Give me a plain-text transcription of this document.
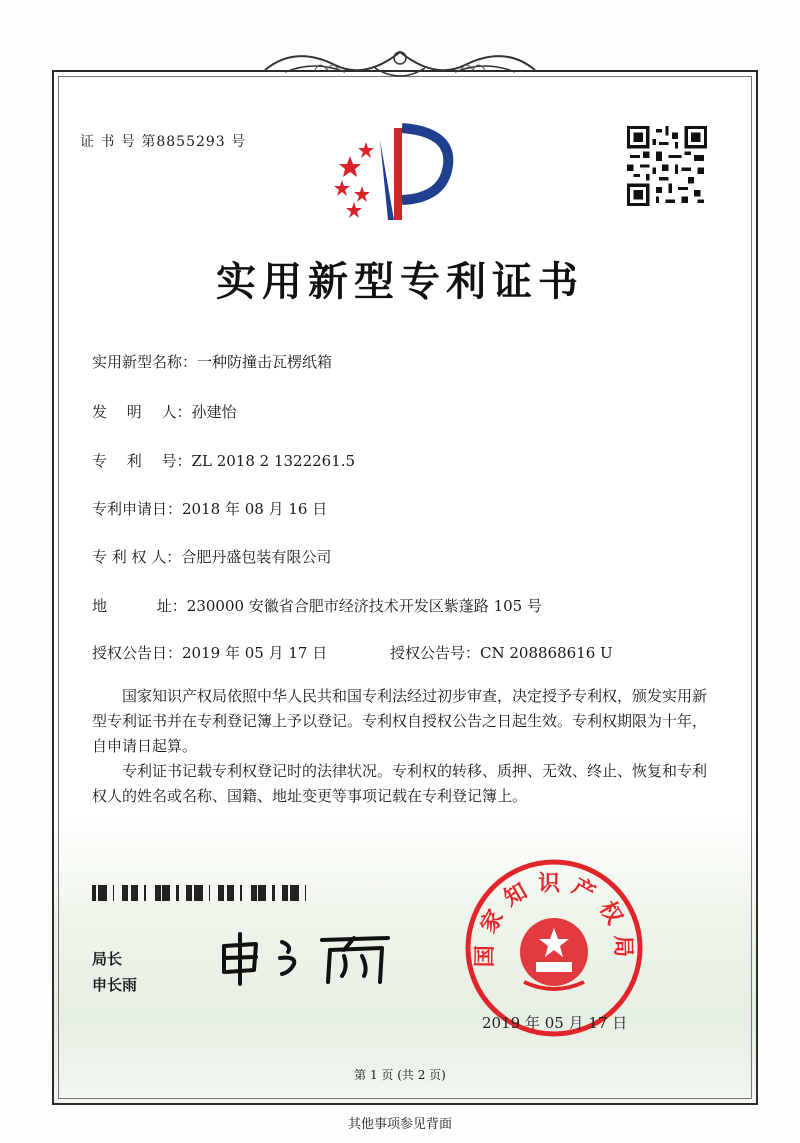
证 书 号 第8855293 号
实用新型专利证书
实用新型名称：一种防撞击瓦楞纸箱
发　 明　 人：孙建怡
专　 利　 号：ZL 2018 2 1322261.5
专利申请日：2018 年 08 月 16 日
专 利 权 人：合肥丹盛包装有限公司
地　　　 址：230000 安徽省合肥市经济技术开发区紫蓬路 105 号
授权公告日：2019 年 05 月 17 日	授权公告号：CN 208868616 U

国家知识产权局依照中华人民共和国专利法经过初步审查，决定授予专利权，颁发实用新型专利证书并在专利登记簿上予以登记。专利权自授权公告之日起生效。专利权期限为十年，自申请日起算。

专利证书记载专利权登记时的法律状况。专利权的转移、质押、无效、终止、恢复和专利权人的姓名或名称、国籍、地址变更等事项记载在专利登记簿上。

局长
申长雨
国家知识产权局
2019 年 05 月 17 日
第 1 页 (共 2 页)
其他事项参见背面
